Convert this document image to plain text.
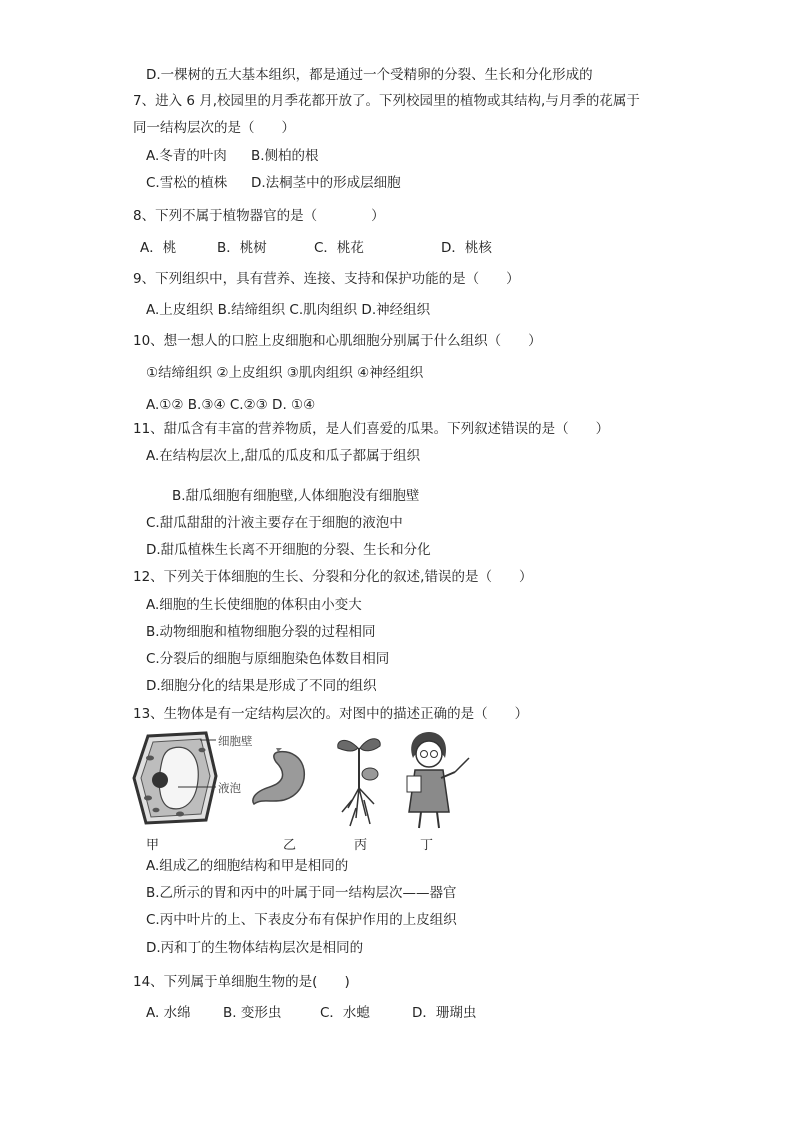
D.一棵树的五大基本组织，都是通过一个受精卵的分裂、生长和分化形成的
7、进入 6 月,校园里的月季花都开放了。下列校园里的植物或其结构,与月季的花属于
同一结构层次的是（　　）
A.冬青的叶肉 B.侧柏的根
C.雪松的植株 D.法桐茎中的形成层细胞
8、下列不属于植物器官的是（　　　　）
A．桃	B．桃树	C．桃花	D．桃核
9、下列组织中，具有营养、连接、支持和保护功能的是（　　）
A.上皮组织 B.结缔组织 C.肌肉组织 D.神经组织
10、想一想人的口腔上皮细胞和心肌细胞分别属于什么组织（　　）
①结缔组织 ②上皮组织 ③肌肉组织 ④神经组织
A.①② B.③④ C.②③ D. ①④
11、甜瓜含有丰富的营养物质，是人们喜爱的瓜果。下列叙述错误的是（　　）
A.在结构层次上,甜瓜的瓜皮和瓜子都属于组织
B.甜瓜细胞有细胞壁,人体细胞没有细胞壁
C.甜瓜甜甜的汁液主要存在于细胞的液泡中
D.甜瓜植株生长离不开细胞的分裂、生长和分化
12、下列关于体细胞的生长、分裂和分化的叙述,错误的是（　　）
A.细胞的生长使细胞的体积由小变大
B.动物细胞和植物细胞分裂的过程相同
C.分裂后的细胞与原细胞染色体数目相同
D.细胞分化的结果是形成了不同的组织
13、生物体是有一定结构层次的。对图中的描述正确的是（　　）
细胞壁
液泡
甲	乙	丙	丁
A.组成乙的细胞结构和甲是相同的
B.乙所示的胃和丙中的叶属于同一结构层次——器官
C.丙中叶片的上、下表皮分布有保护作用的上皮组织
D.丙和丁的生物体结构层次是相同的
14、下列属于单细胞生物的是(　　)
A. 水绵 B. 变形虫	C．水螅	D．珊瑚虫
